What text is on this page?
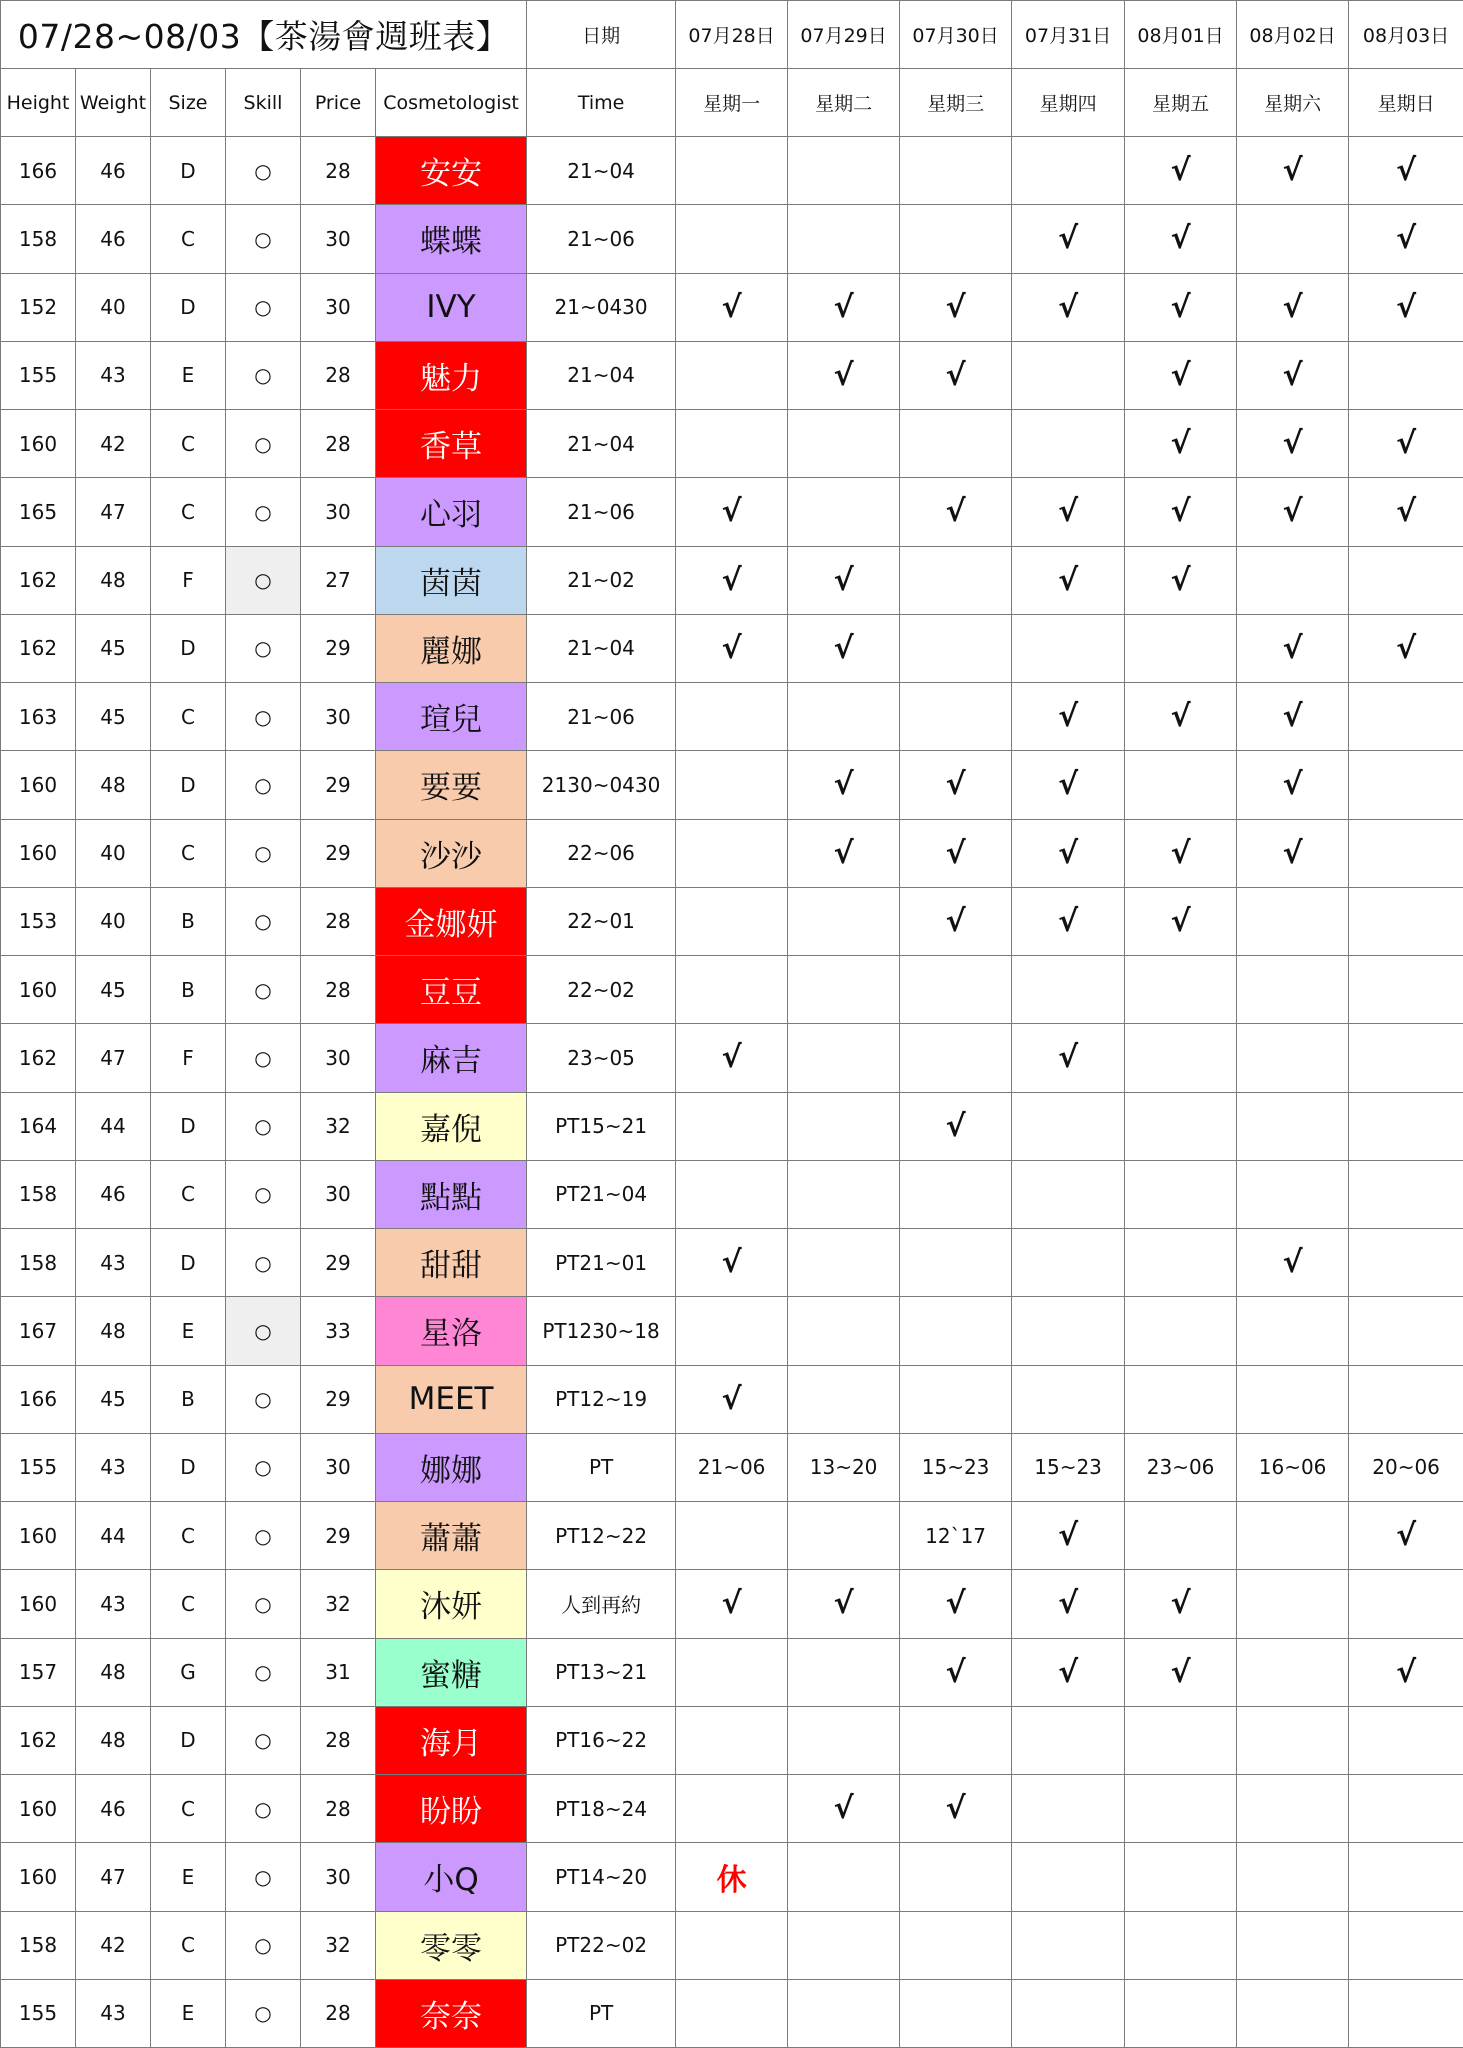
07/28~08/03【茶湯會週班表】						日期	07月28日	07月29日	07月30日	07月31日	08月01日	08月02日	08月03日
Height	Weight	Size	Skill	Price	Cosmetologist	Time	星期一	星期二	星期三	星期四	星期五	星期六	星期日
166	46	D	○	28	安安	21~04					√	√	√
158	46	C	○	30	蝶蝶	21~06				√	√		√
152	40	D	○	30	IVY	21~0430	√	√	√	√	√	√	√
155	43	E	○	28	魅力	21~04		√	√		√	√	
160	42	C	○	28	香草	21~04					√	√	√
165	47	C	○	30	心羽	21~06	√		√	√	√	√	√
162	48	F	○	27	茵茵	21~02	√	√		√	√		
162	45	D	○	29	麗娜	21~04	√	√				√	√
163	45	C	○	30	瑄兒	21~06				√	√	√	
160	48	D	○	29	要要	2130~0430		√	√	√		√	
160	40	C	○	29	沙沙	22~06		√	√	√	√	√	
153	40	B	○	28	金娜妍	22~01			√	√	√		
160	45	B	○	28	豆豆	22~02							
162	47	F	○	30	麻吉	23~05	√			√			
164	44	D	○	32	嘉倪	PT15~21			√				
158	46	C	○	30	點點	PT21~04							
158	43	D	○	29	甜甜	PT21~01	√					√	
167	48	E	○	33	星洛	PT1230~18							
166	45	B	○	29	MEET	PT12~19	√						
155	43	D	○	30	娜娜	PT	21~06	13~20	15~23	15~23	23~06	16~06	20~06
160	44	C	○	29	蕭蕭	PT12~22			12`17	√			√
160	43	C	○	32	沐妍	人到再約	√	√	√	√	√		
157	48	G	○	31	蜜糖	PT13~21			√	√	√		√
162	48	D	○	28	海月	PT16~22							
160	46	C	○	28	盼盼	PT18~24		√	√				
160	47	E	○	30	小Q	PT14~20	休						
158	42	C	○	32	零零	PT22~02							
155	43	E	○	28	奈奈	PT							
